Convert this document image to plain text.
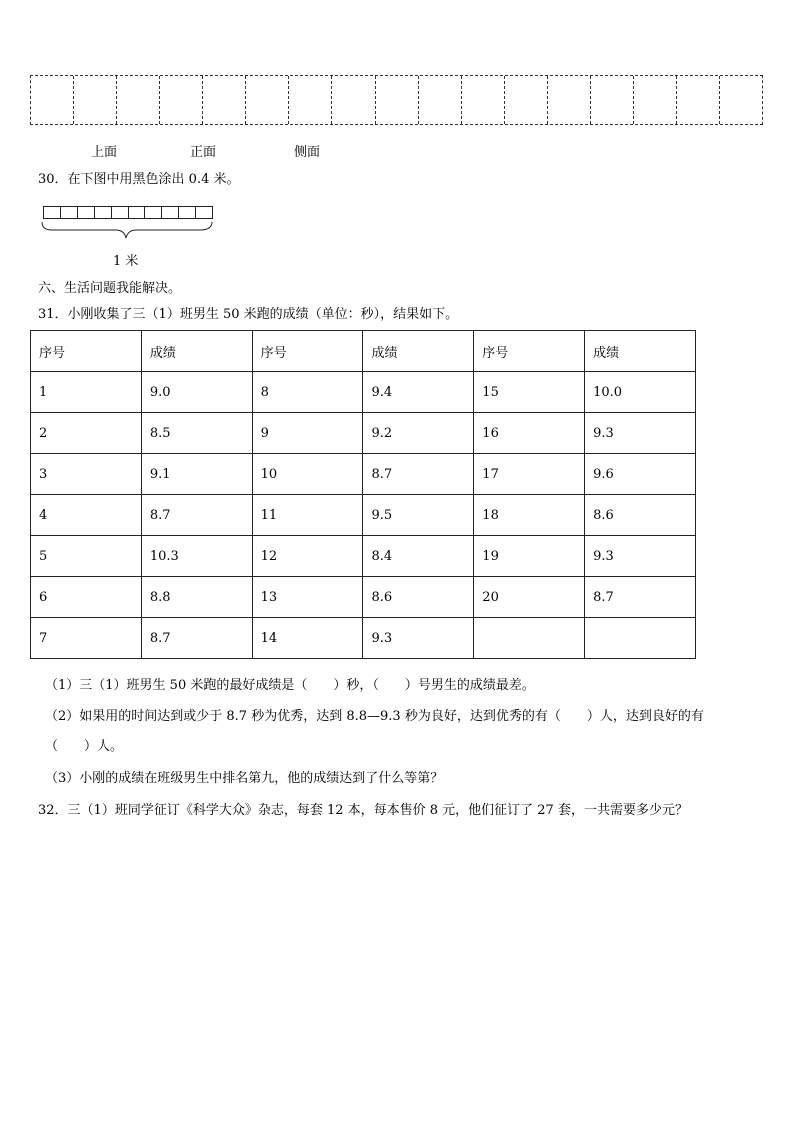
上面	正面	侧面
30．在下图中用黑色涂出 0.4 米。
1 米
六、生活问题我能解决。
31．小刚收集了三（1）班男生 50 米跑的成绩（单位：秒），结果如下。
序号	成绩	序号	成绩	序号	成绩
1	9.0	8	9.4	15	10.0
2	8.5	9	9.2	16	9.3
3	9.1	10	8.7	17	9.6
4	8.7	11	9.5	18	8.6
5	10.3	12	8.4	19	9.3
6	8.8	13	8.6	20	8.7
7	8.7	14	9.3		
（1）三（1）班男生 50 米跑的最好成绩是（　　）秒，（　　）号男生的成绩最差。
（2）如果用的时间达到或少于 8.7 秒为优秀，达到 8.8—9.3 秒为良好，达到优秀的有（　　）人，达到良好的有
（　　）人。
（3）小刚的成绩在班级男生中排名第九，他的成绩达到了什么等第？
32．三（1）班同学征订《科学大众》杂志，每套 12 本，每本售价 8 元，他们征订了 27 套，一共需要多少元？
